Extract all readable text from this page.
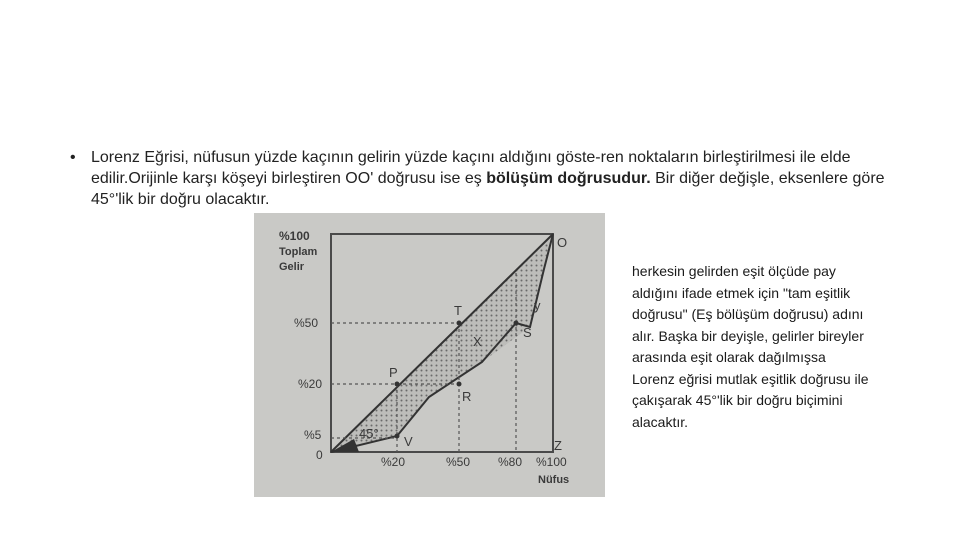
• Lorenz Eğrisi, nüfusun yüzde kaçının gelirin yüzde kaçını aldığını göste-ren noktaların birleştirilmesi ile elde edilir.Orijinle karşı köşeyi birleştiren OO' doğrusu ise eş bölüşüm doğrusudur. Bir diğer değişle, eksenlere göre 45°'lik bir doğru olacaktır.
%100
Toplam
Gelir
%50
%20
%5
0	%20	%50 %80 %100
Nüfus
O
T	y
S
X
P
R
V	Z
45°
herkesin gelirden eşit ölçüde pay aldığını ifade etmek için "tam eşitlik doğrusu" (Eş bölüşüm doğrusu) adını alır. Başka bir deyişle, gelirler bireyler arasında eşit olarak dağılmışsa Lorenz eğrisi mutlak eşitlik doğrusu ile çakışarak 45°'lik bir doğru biçimini alacaktır.
